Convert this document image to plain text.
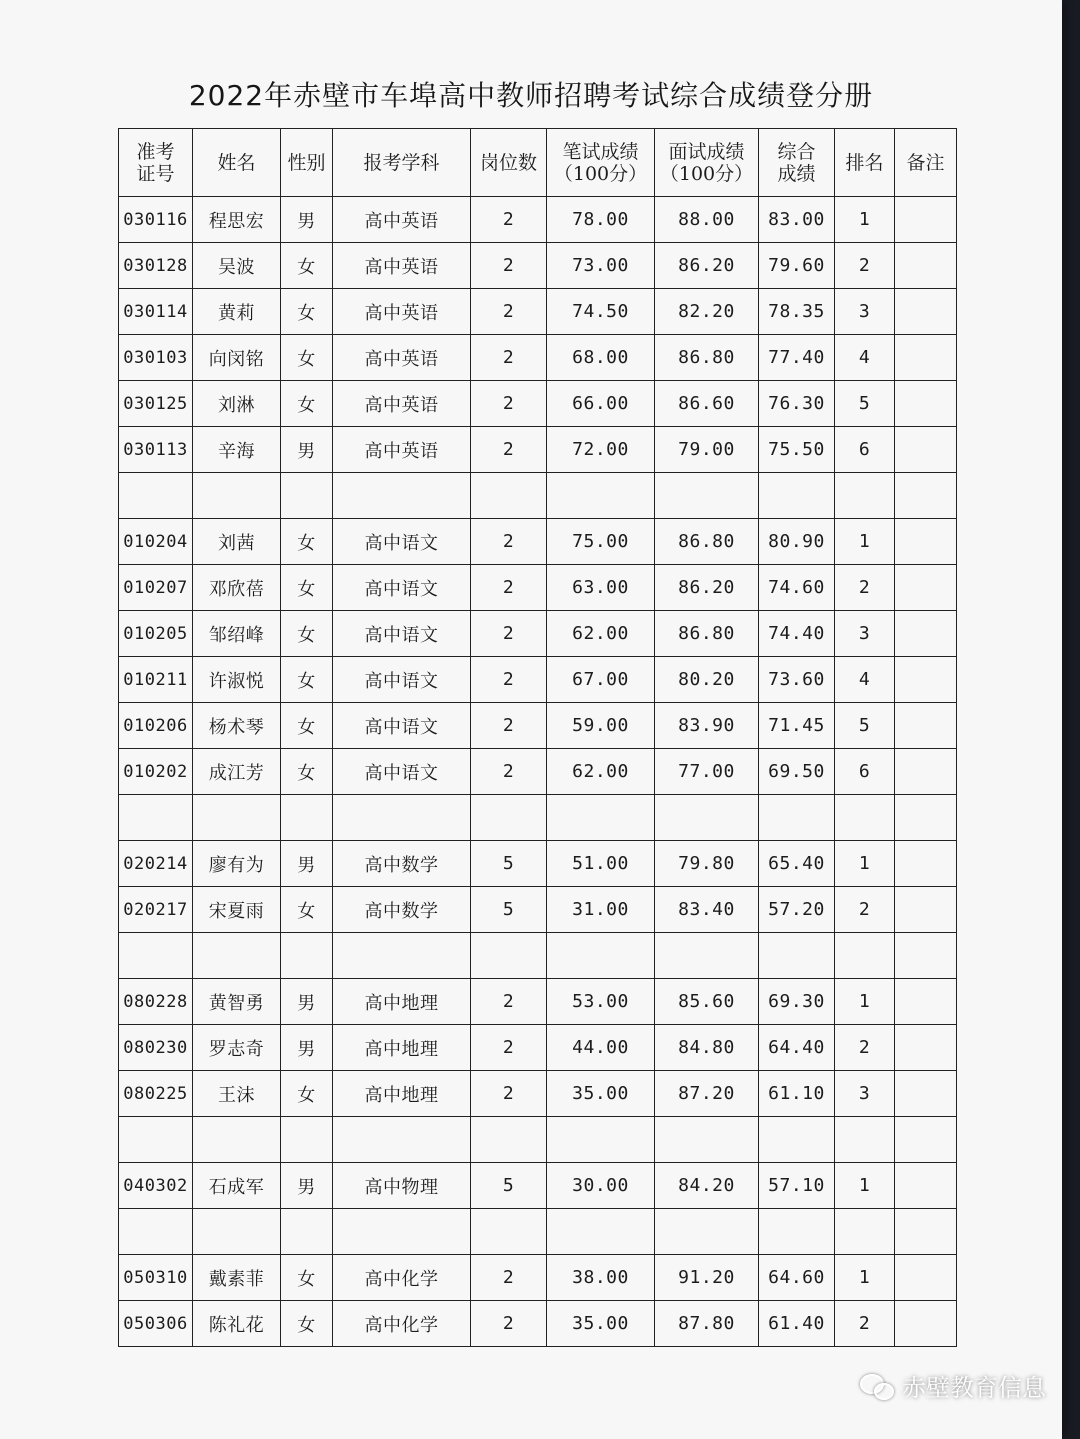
2022年赤壁市车埠高中教师招聘考试综合成绩登分册
准考证号	姓名	性别	报考学科	岗位数	笔试成绩（100分）	面试成绩（100分）	综合成绩	排名	备注
030116	程思宏	男	高中英语	2	78.00	88.00	83.00	1	
030128	吴波	女	高中英语	2	73.00	86.20	79.60	2	
030114	黄莉	女	高中英语	2	74.50	82.20	78.35	3	
030103	向闵铭	女	高中英语	2	68.00	86.80	77.40	4	
030125	刘淋	女	高中英语	2	66.00	86.60	76.30	5	
030113	辛海	男	高中英语	2	72.00	79.00	75.50	6	

010204	刘茜	女	高中语文	2	75.00	86.80	80.90	1	
010207	邓欣蓓	女	高中语文	2	63.00	86.20	74.60	2	
010205	邹绍峰	女	高中语文	2	62.00	86.80	74.40	3	
010211	许淑悦	女	高中语文	2	67.00	80.20	73.60	4	
010206	杨术琴	女	高中语文	2	59.00	83.90	71.45	5	
010202	成江芳	女	高中语文	2	62.00	77.00	69.50	6	

020214	廖有为	男	高中数学	5	51.00	79.80	65.40	1	
020217	宋夏雨	女	高中数学	5	31.00	83.40	57.20	2	

080228	黄智勇	男	高中地理	2	53.00	85.60	69.30	1	
080230	罗志奇	男	高中地理	2	44.00	84.80	64.40	2	
080225	王沫	女	高中地理	2	35.00	87.20	61.10	3	

040302	石成军	男	高中物理	5	30.00	84.20	57.10	1	

050310	戴素菲	女	高中化学	2	38.00	91.20	64.60	1	
050306	陈礼花	女	高中化学	2	35.00	87.80	61.40	2	
赤壁教育信息
